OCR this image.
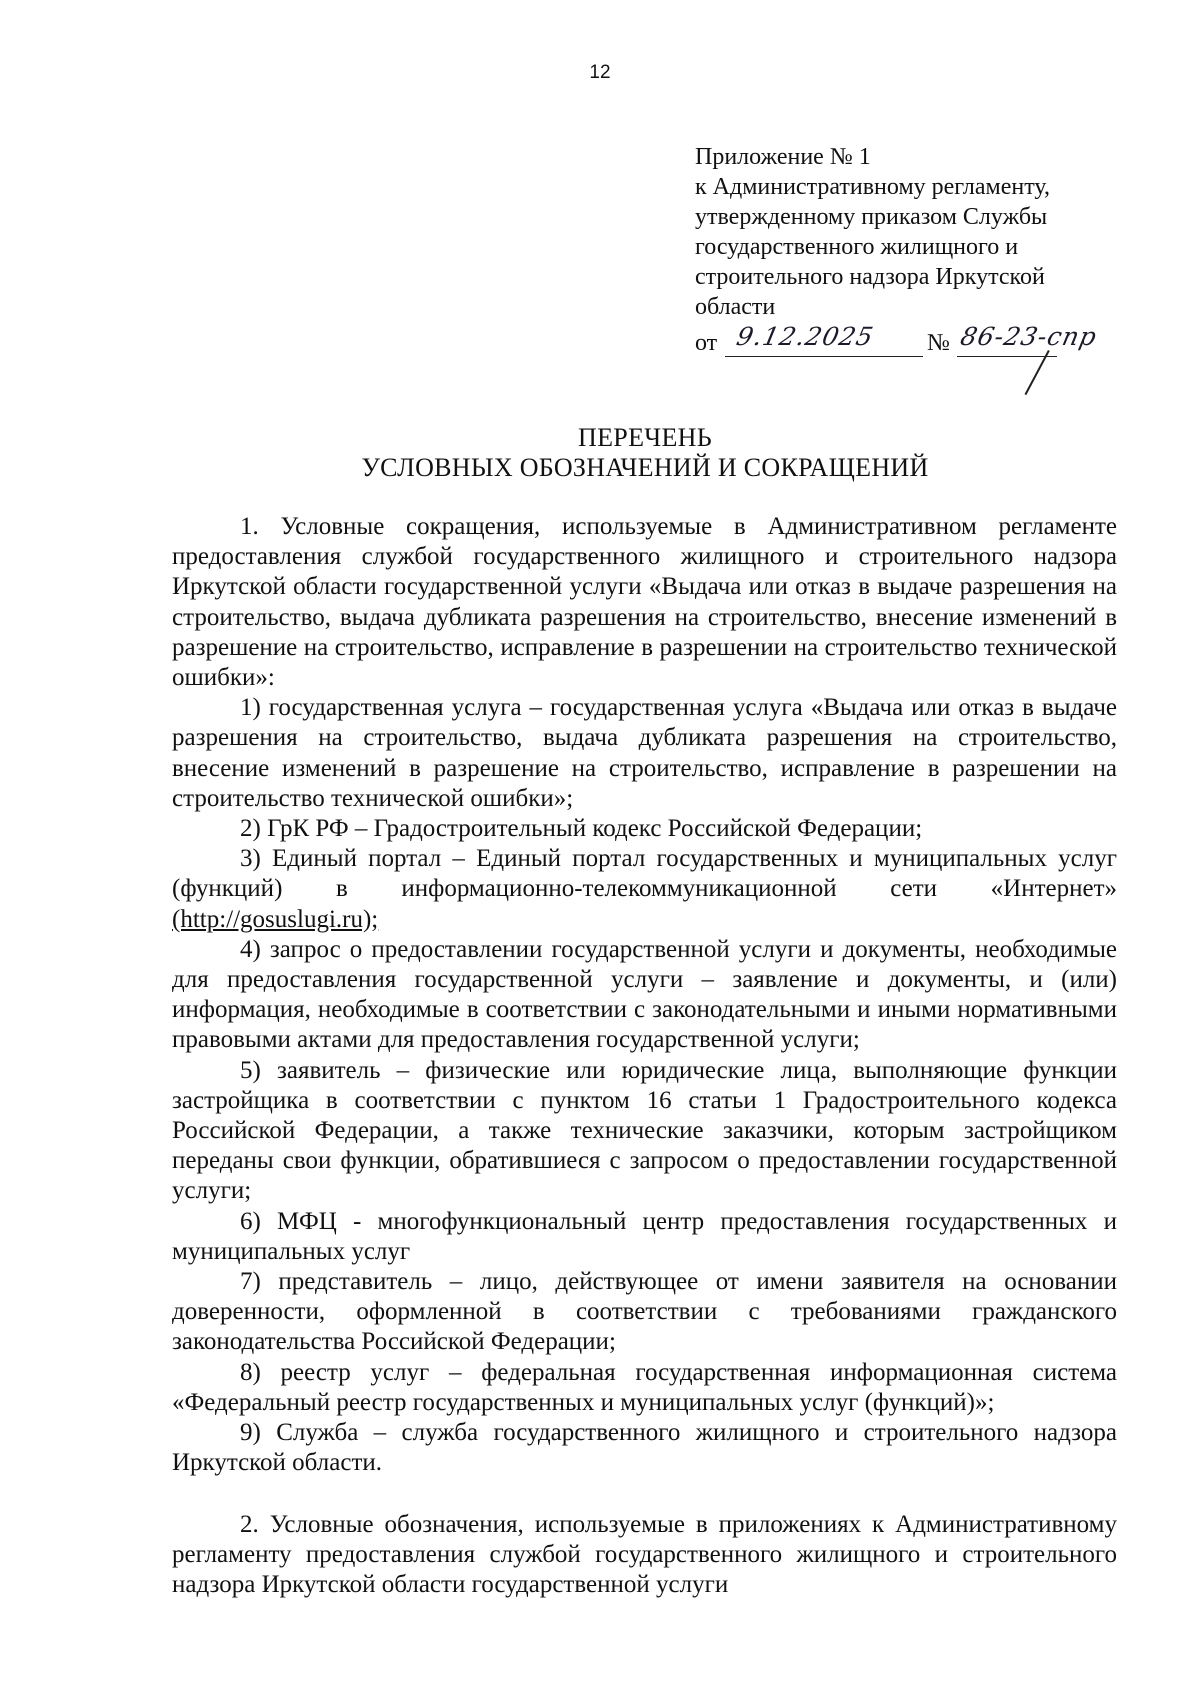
12
Приложение № 1
к Административному регламенту,
утвержденному приказом Службы
государственного жилищного и
строительного надзора Иркутской
области
от 9.12.2025 № 86-23-спр
ПЕРЕЧЕНЬ
УСЛОВНЫХ ОБОЗНАЧЕНИЙ И СОКРАЩЕНИЙ

1. Условные сокращения, используемые в Административном регламенте предоставления службой государственного жилищного и строительного надзора Иркутской области государственной услуги «Выдача или отказ в выдаче разрешения на строительство, выдача дубликата разрешения на строительство, внесение изменений в разрешение на строительство, исправление в разрешении на строительство технической ошибки»:

1) государственная услуга – государственная услуга «Выдача или отказ в выдаче разрешения на строительство, выдача дубликата разрешения на строительство, внесение изменений в разрешение на строительство, исправление в разрешении на строительство технической ошибки»;

2) ГрК РФ – Градостроительный кодекс Российской Федерации;

3) Единый портал – Единый портал государственных и муниципальных услуг (функций) в информационно-телекоммуникационной сети «Интернет»

(http://gosuslugi.ru);

4) запрос о предоставлении государственной услуги и документы, необходимые для предоставления государственной услуги – заявление и документы, и (или) информация, необходимые в соответствии с законодательными и иными нормативными правовыми актами для предоставления государственной услуги;

5) заявитель – физические или юридические лица, выполняющие функции застройщика в соответствии с пунктом 16 статьи 1 Градостроительного кодекса Российской Федерации, а также технические заказчики, которым застройщиком переданы свои функции, обратившиеся с запросом о предоставлении государственной услуги;

6) МФЦ - многофункциональный центр предоставления государственных и муниципальных услуг

7) представитель – лицо, действующее от имени заявителя на основании доверенности, оформленной в соответствии с требованиями гражданского законодательства Российской Федерации;

8) реестр услуг – федеральная государственная информационная система «Федеральный реестр государственных и муниципальных услуг (функций)»;

9) Служба – служба государственного жилищного и строительного надзора Иркутской области.

2. Условные обозначения, используемые в приложениях к Административному регламенту предоставления службой государственного жилищного и строительного надзора Иркутской области государственной услуги
